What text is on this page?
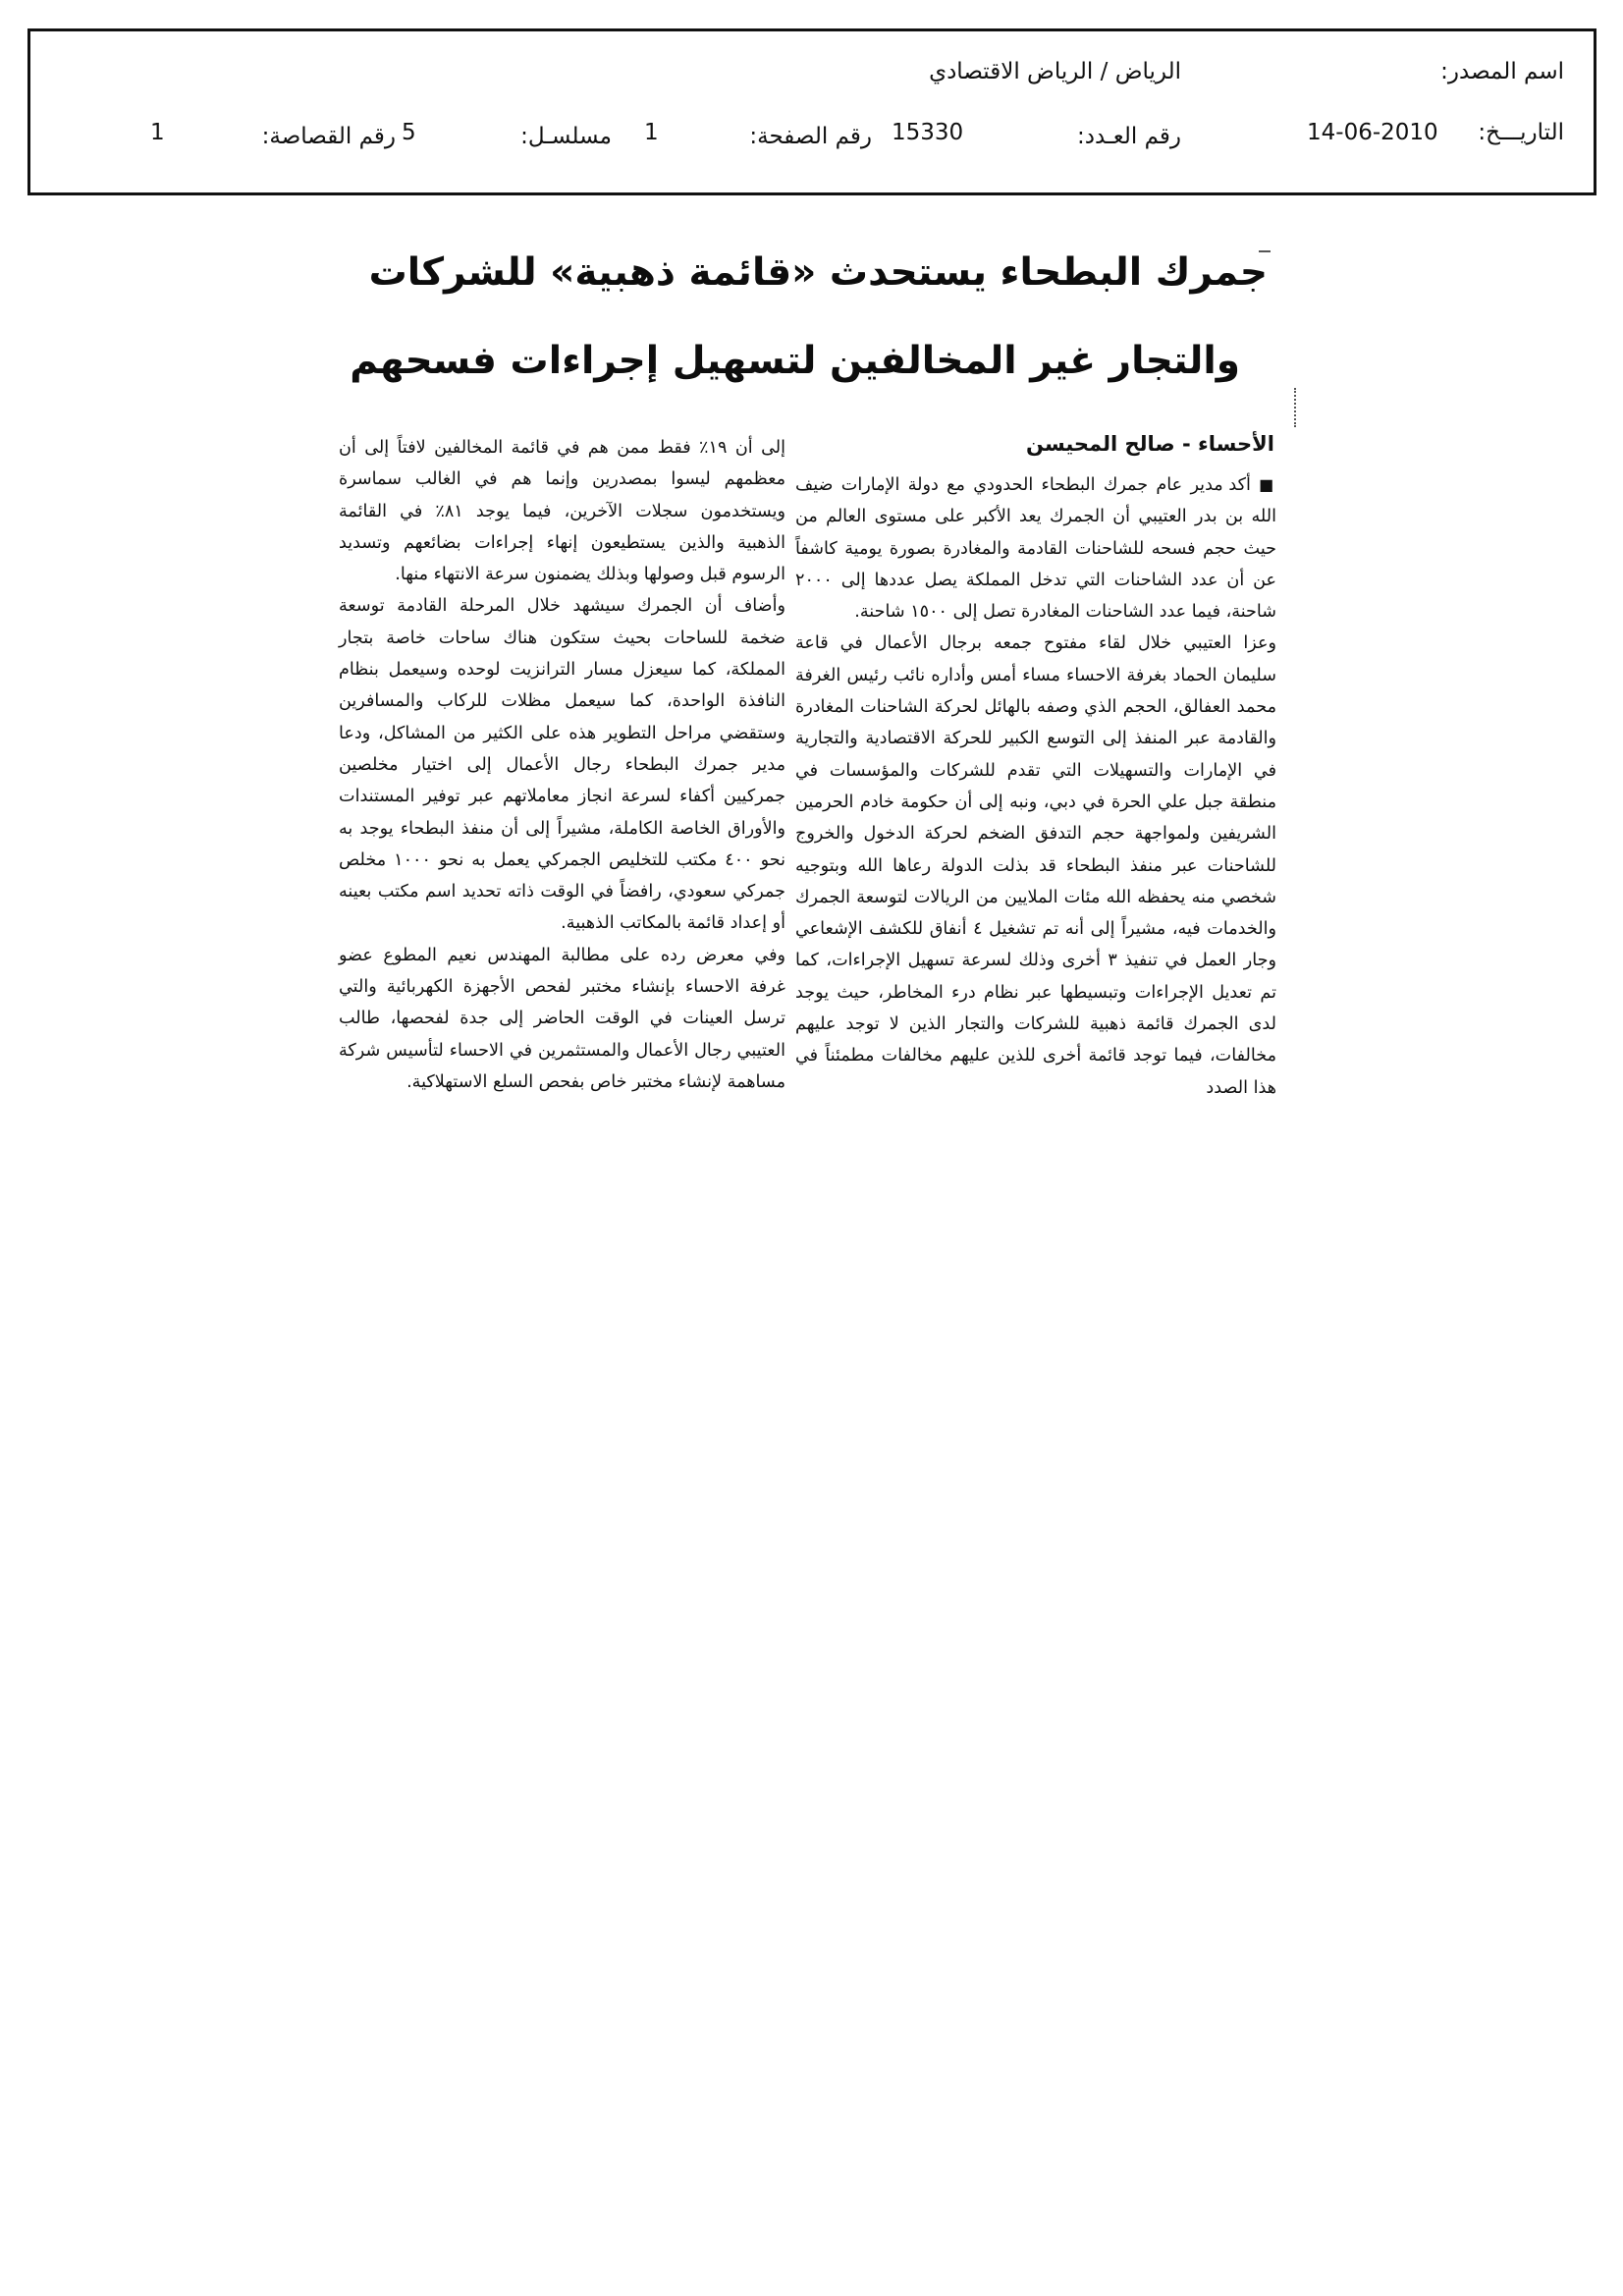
اسم المصدر:
الرياض / الرياض الاقتصادي
التاريـــخ:
14-06-2010
رقم العـدد:
15330
رقم الصفحة:
1
مسلسـل:
5
رقم القصاصة:
1
جمرك البطحاء يستحدث «قائمة ذهبية» للشركات
والتجار غير المخالفين لتسهيل إجراءات فسحهم
الأحساء - صالح المحيسن

■ أكد مدير عام جمرك البطحاء الحدودي مع دولة الإمارات ضيف الله بن بدر العتيبي أن الجمرك يعد الأكبر على مستوى العالم من حيث حجم فسحه للشاحنات القادمة والمغادرة بصورة يومية كاشفاً عن أن عدد الشاحنات التي تدخل المملكة يصل عددها إلى ٢٠٠٠ شاحنة، فيما عدد الشاحنات المغادرة تصل إلى ١٥٠٠ شاحنة.

وعزا العتيبي خلال لقاء مفتوح جمعه برجال الأعمال في قاعة سليمان الحماد بغرفة الاحساء مساء أمس وأداره نائب رئيس الغرفة محمد العفالق، الحجم الذي وصفه بالهائل لحركة الشاحنات المغادرة والقادمة عبر المنفذ إلى التوسع الكبير للحركة الاقتصادية والتجارية في الإمارات والتسهيلات التي تقدم للشركات والمؤسسات في منطقة جبل علي الحرة في دبي، ونبه إلى أن حكومة خادم الحرمين الشريفين ولمواجهة حجم التدفق الضخم لحركة الدخول والخروج للشاحنات عبر منفذ البطحاء قد بذلت الدولة رعاها الله وبتوجيه شخصي منه يحفظه الله مئات الملايين من الريالات لتوسعة الجمرك والخدمات فيه، مشيراً إلى أنه تم تشغيل ٤ أنفاق للكشف الإشعاعي وجار العمل في تنفيذ ٣ أخرى وذلك لسرعة تسهيل الإجراءات، كما تم تعديل الإجراءات وتبسيطها عبر نظام درء المخاطر، حيث يوجد لدى الجمرك قائمة ذهبية للشركات والتجار الذين لا توجد عليهم مخالفات، فيما توجد قائمة أخرى للذين عليهم مخالفات مطمئناً في هذا الصدد

إلى أن ١٩٪ فقط ممن هم في قائمة المخالفين لافتاً إلى أن معظمهم ليسوا بمصدرين وإنما هم في الغالب سماسرة ويستخدمون سجلات الآخرين، فيما يوجد ٨١٪ في القائمة الذهبية والذين يستطيعون إنهاء إجراءات بضائعهم وتسديد الرسوم قبل وصولها وبذلك يضمنون سرعة الانتهاء منها.

وأضاف أن الجمرك سيشهد خلال المرحلة القادمة توسعة ضخمة للساحات بحيث ستكون هناك ساحات خاصة بتجار المملكة، كما سيعزل مسار الترانزيت لوحده وسيعمل بنظام النافذة الواحدة، كما سيعمل مظلات للركاب والمسافرين وستقضي مراحل التطوير هذه على الكثير من المشاكل، ودعا مدير جمرك البطحاء رجال الأعمال إلى اختيار مخلصين جمركيين أكفاء لسرعة انجاز معاملاتهم عبر توفير المستندات والأوراق الخاصة الكاملة، مشيراً إلى أن منفذ البطحاء يوجد به نحو ٤٠٠ مكتب للتخليص الجمركي يعمل به نحو ١٠٠٠ مخلص جمركي سعودي، رافضاً في الوقت ذاته تحديد اسم مكتب بعينه أو إعداد قائمة بالمكاتب الذهبية.

وفي معرض رده على مطالبة المهندس نعيم المطوع عضو غرفة الاحساء بإنشاء مختبر لفحص الأجهزة الكهربائية والتي ترسل العينات في الوقت الحاضر إلى جدة لفحصها، طالب العتيبي رجال الأعمال والمستثمرين في الاحساء لتأسيس شركة مساهمة لإنشاء مختبر خاص بفحص السلع الاستهلاكية.
